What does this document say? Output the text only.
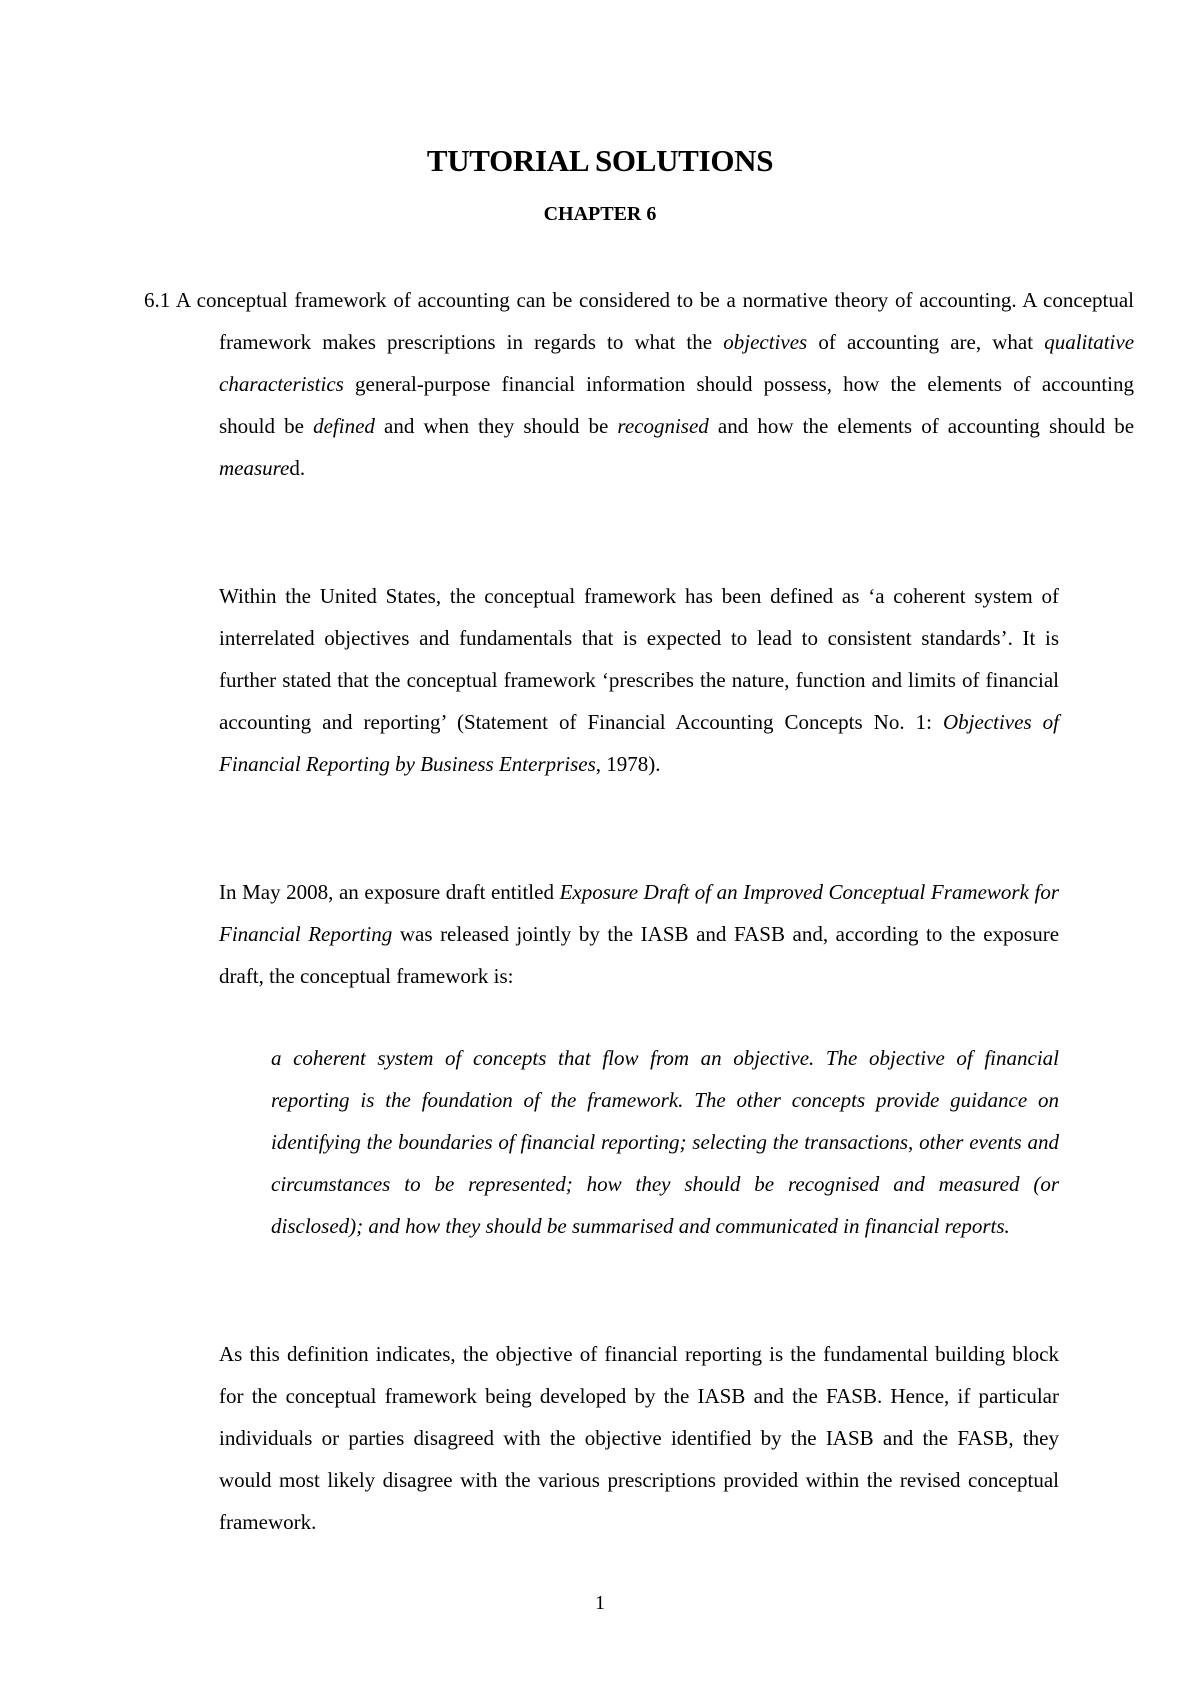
TUTORIAL SOLUTIONS
CHAPTER 6

6.1 A conceptual framework of accounting can be considered to be a normative theory of accounting. A conceptual framework makes prescriptions in regards to what the objectives of accounting are, what qualitative characteristics general-purpose financial information should possess, how the elements of accounting should be defined and when they should be recognised and how the elements of accounting should be measured.

Within the United States, the conceptual framework has been defined as ‘a coherent system of interrelated objectives and fundamentals that is expected to lead to consistent standards’. It is further stated that the conceptual framework ‘prescribes the nature, function and limits of financial accounting and reporting’ (Statement of Financial Accounting Concepts No. 1: Objectives of Financial Reporting by Business Enterprises, 1978).

In May 2008, an exposure draft entitled Exposure Draft of an Improved Conceptual Framework for Financial Reporting was released jointly by the IASB and FASB and, according to the exposure draft, the conceptual framework is:

a coherent system of concepts that flow from an objective. The objective of financial reporting is the foundation of the framework. The other concepts provide guidance on identifying the boundaries of financial reporting; selecting the transactions, other events and circumstances to be represented; how they should be recognised and measured (or disclosed); and how they should be summarised and communicated in financial reports.

As this definition indicates, the objective of financial reporting is the fundamental building block for the conceptual framework being developed by the IASB and the FASB. Hence, if particular individuals or parties disagreed with the objective identified by the IASB and the FASB, they would most likely disagree with the various prescriptions provided within the revised conceptual framework.

1
